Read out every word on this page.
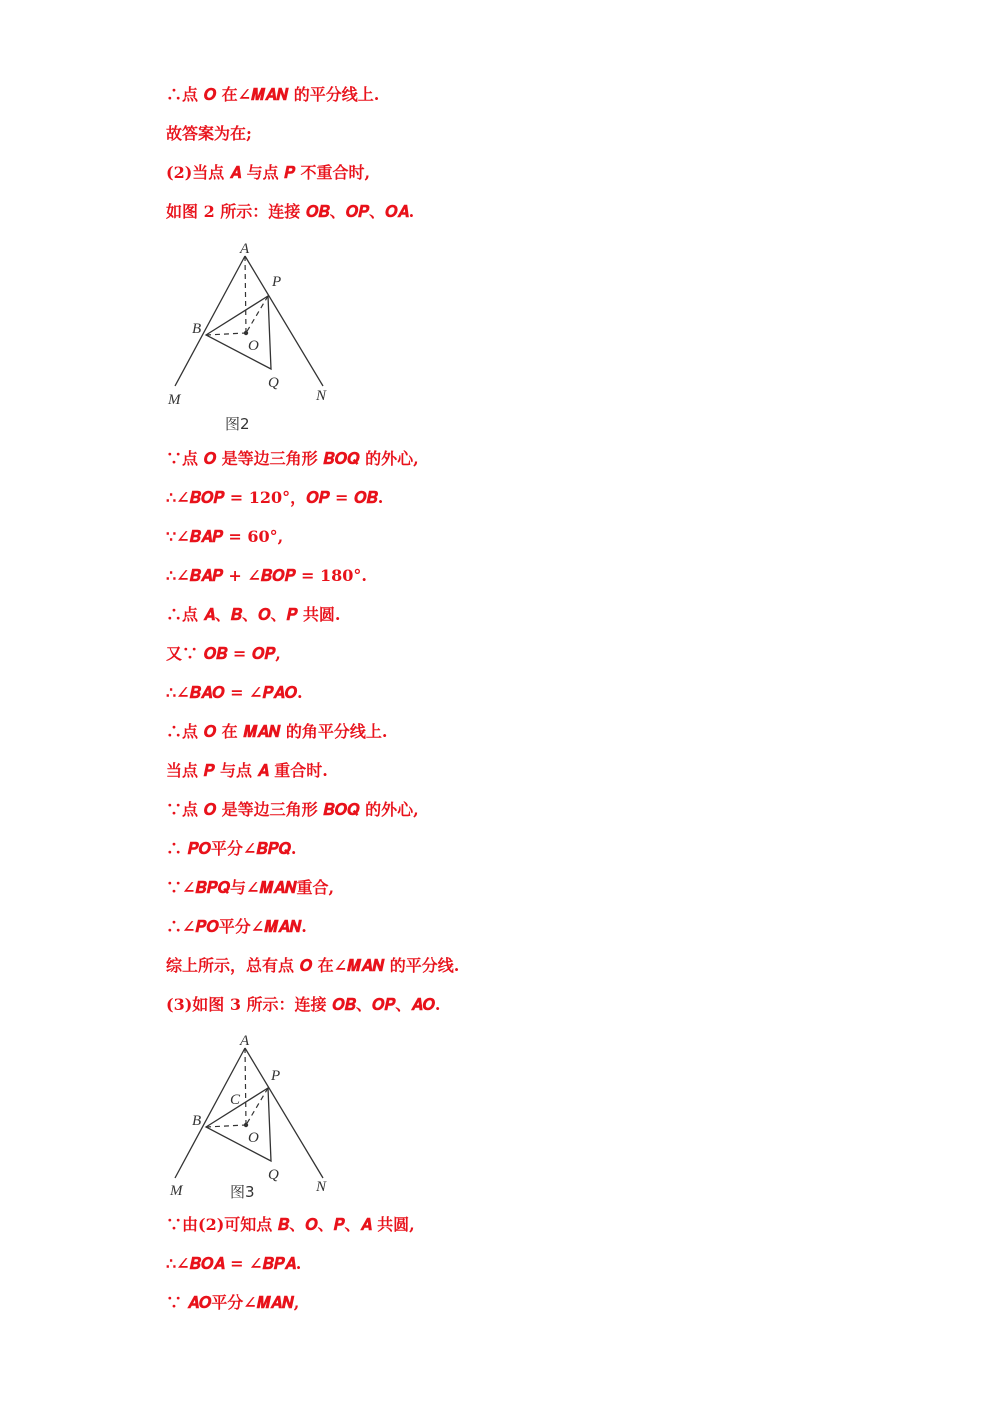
∴点 𝑶 在∠𝑴𝑨𝑵 的平分线上.
故答案为在;
(2)当点 𝑨 与点 𝑷 不重合时,
如图 2 所示：连接 𝑶𝑩、𝑶𝑷、𝑶𝑨.
A
P
B
O
Q
M	N
图2
∵点 𝑶 是等边三角形 𝑩𝑶𝑸 的外心,
∴∠𝑩𝑶𝑷 = 120°，𝑶𝑷 = 𝑶𝑩.
∵∠𝑩𝑨𝑷 = 60°,
∴∠𝑩𝑨𝑷 + ∠𝑩𝑶𝑷 = 180°.
∴点 𝑨、𝑩、𝑶、𝑷 共圆.
又∵ 𝑶𝑩 = 𝑶𝑷,
∴∠𝑩𝑨𝑶 = ∠𝑷𝑨𝑶.
∴点 𝑶 在 𝑴𝑨𝑵 的角平分线上.
当点 𝑷 与点 𝑨 重合时.
∵点 𝑶 是等边三角形 𝑩𝑶𝑸 的外心,
∴ 𝑷𝑶平分∠𝑩𝑷𝑸.
∵∠𝑩𝑷𝑸与∠𝑴𝑨𝑵重合,
∴∠𝑷𝑶平分∠𝑴𝑨𝑵.
综上所示，总有点 𝑶 在∠𝑴𝑨𝑵 的平分线.
(3)如图 3 所示：连接 𝑶𝑩、𝑶𝑷、𝑨𝑶.
A
P
C
B
O
Q
M	N
图3
∵由(2)可知点 𝑩、𝑶、𝑷、𝑨 共圆,
∴∠𝑩𝑶𝑨 = ∠𝑩𝑷𝑨.
∵ 𝑨𝑶平分∠𝑴𝑨𝑵,
